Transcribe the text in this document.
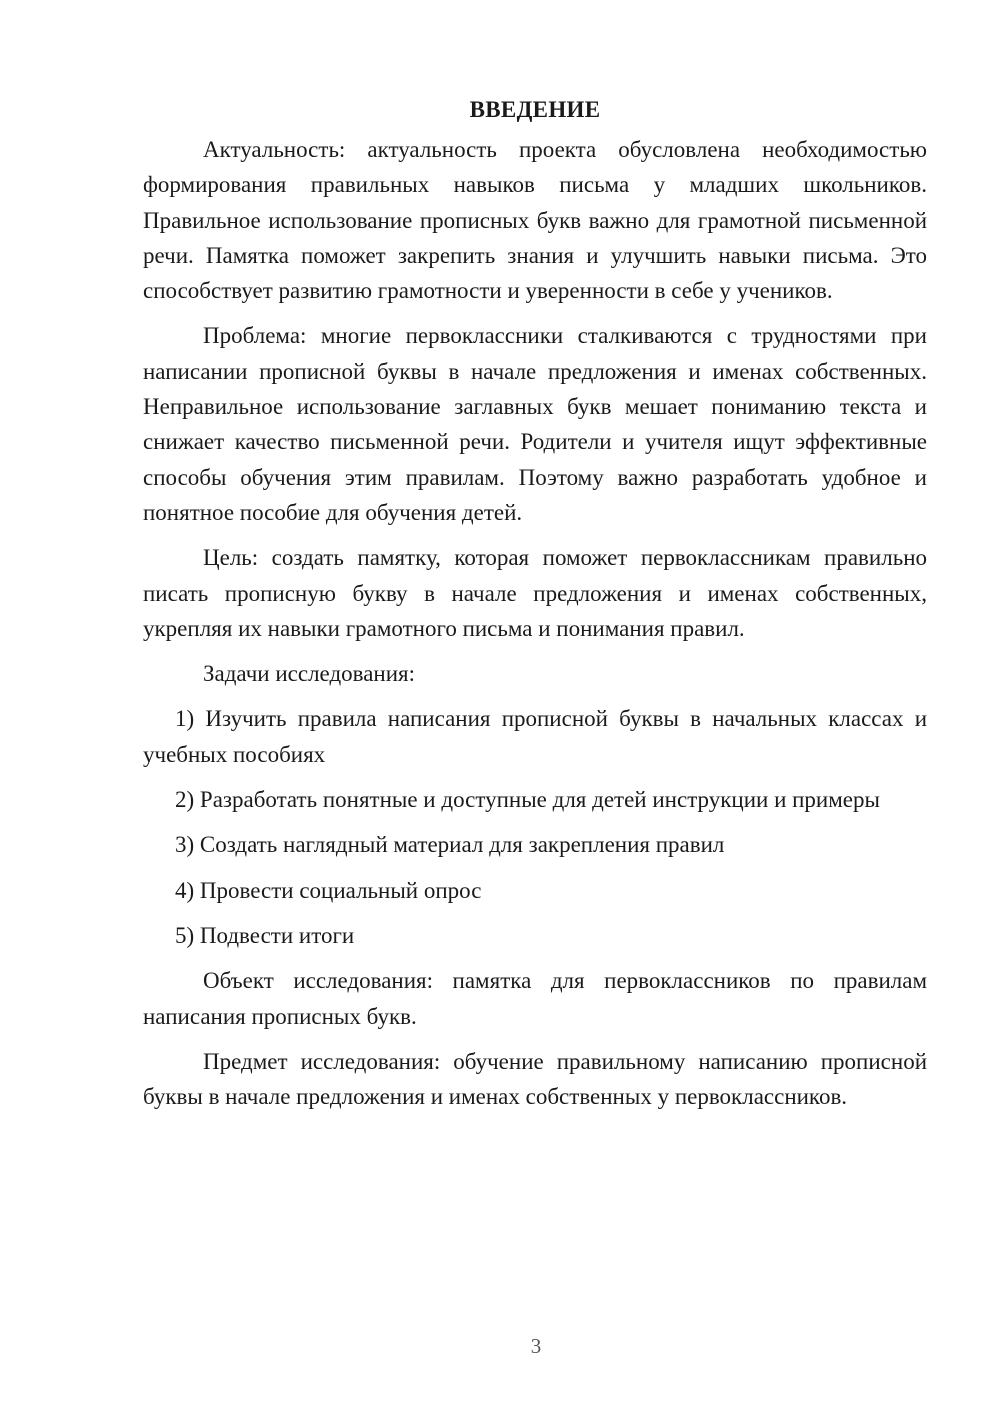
ВВЕДЕНИЕ

Актуальность: актуальность проекта обусловлена необходимостью формирования правильных навыков письма у младших школьников. Правильное использование прописных букв важно для грамотной письменной речи. Памятка поможет закрепить знания и улучшить навыки письма. Это способствует развитию грамотности и уверенности в себе у учеников.

Проблема: многие первоклассники сталкиваются с трудностями при написании прописной буквы в начале предложения и именах собственных. Неправильное использование заглавных букв мешает пониманию текста и снижает качество письменной речи. Родители и учителя ищут эффективные способы обучения этим правилам. Поэтому важно разработать удобное и понятное пособие для обучения детей.

Цель: создать памятку, которая поможет первоклассникам правильно писать прописную букву в начале предложения и именах собственных, укрепляя их навыки грамотного письма и понимания правил.

Задачи исследования:

1) Изучить правила написания прописной буквы в начальных классах и учебных пособиях

2) Разработать понятные и доступные для детей инструкции и примеры

3) Создать наглядный материал для закрепления правил

4) Провести социальный опрос

5) Подвести итоги

Объект исследования: памятка для первоклассников по правилам написания прописных букв.

Предмет исследования: обучение правильному написанию прописной буквы в начале предложения и именах собственных у первоклассников.

3
